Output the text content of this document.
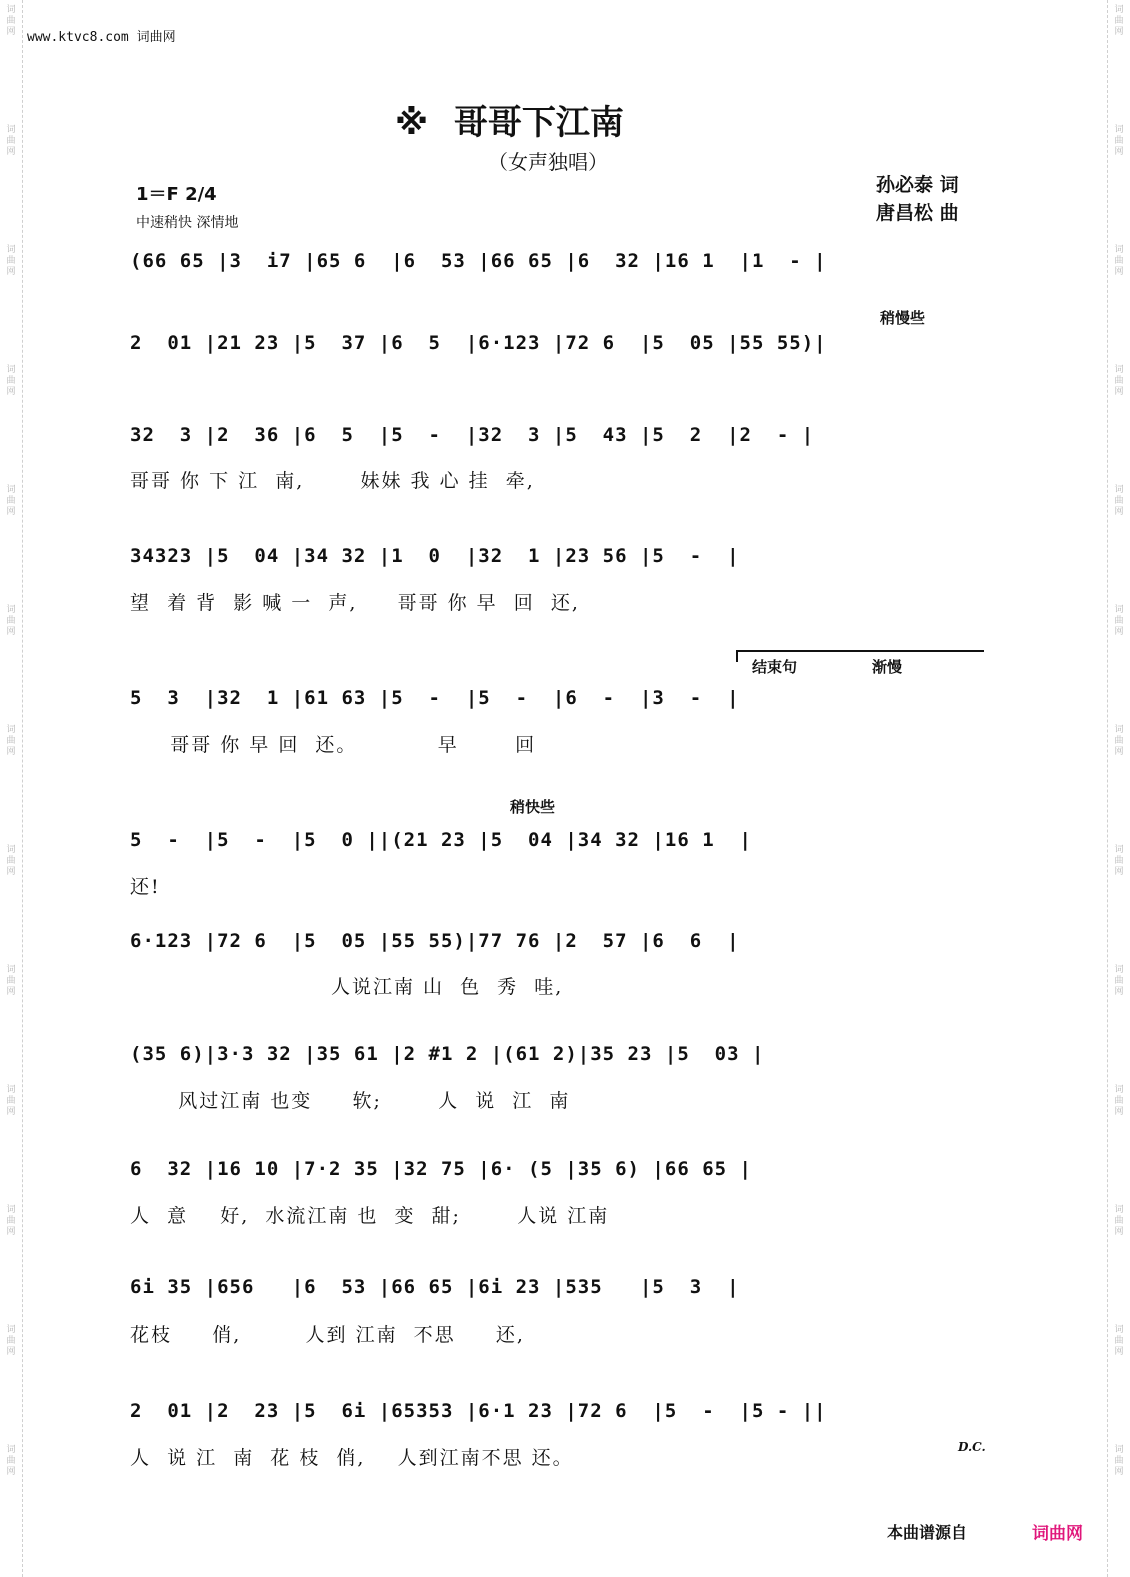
词曲网
词曲网
词曲网
词曲网
词曲网
词曲网
词曲网
词曲网
词曲网
词曲网
词曲网
词曲网
词曲网
词曲网
词曲网
词曲网
词曲网
词曲网
词曲网
词曲网
词曲网
词曲网
词曲网
词曲网
词曲网
词曲网
www.ktvc8.com 词曲网
※ 哥哥下江南
（女声独唱）
1＝F 2/4
中速稍快 深情地
孙必泰 词
唐昌松 曲
稍慢些
结束句	渐慢
稍快些
D.C.
(66 65 |3  i7 |65 6  |6  53 |66 65 |6  32 |16 1  |1  - |
2  01 |21 23 |5  37 |6  5  |6·123 |72 6  |5  05 |55 55)|
32  3 |2  36 |6  5  |5  -  |32  3 |5  43 |5  2  |2  - |
哥哥 你 下 江  南,       妹妹 我 心 挂  牵,
34323 |5  04 |34 32 |1  0  |32  1 |23 56 |5  -  |
望  着 背  影 喊 一  声,     哥哥 你 早  回  还,
5  3  |32  1 |61 63 |5  -  |5  -  |6  -  |3  -  |
哥哥 你 早 回  还。          早       回
5  -  |5  -  |5  0 ||(21 23 |5  04 |34 32 |16 1  |
还!
6·123 |72 6  |5  05 |55 55)|77 76 |2  57 |6  6  |
人说江南 山  色  秀  哇,
(35 6)|3·3 32 |35 61 |2 #1 2 |(61 2)|35 23 |5  03 |
风过江南 也变     软;       人  说  江  南
6  32 |16 10 |7·2 35 |32 75 |6· (5 |35 6) |66 65 |
人  意    好,  水流江南 也  变  甜;       人说 江南
6i 35 |656   |6  53 |66 65 |6i 23 |535   |5  3  |
花枝     俏,        人到 江南  不思     还,
2  01 |2  23 |5  6i |65353 |6·1 23 |72 6  |5  -  |5 - ||
人  说 江  南  花 枝  俏,    人到江南不思 还。
本曲谱源自	词曲网
